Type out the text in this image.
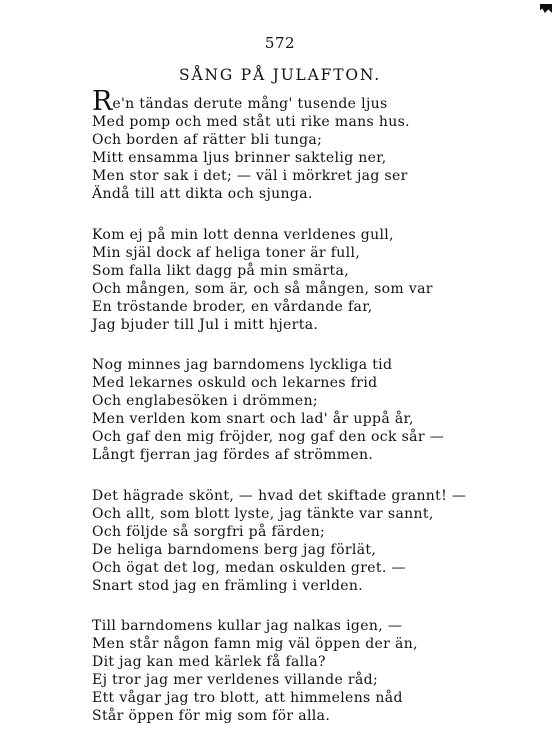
572
SÅNG PÅ JULAFTON.
Re'n tändas derute mång' tusende ljus
Med pomp och med ståt uti rike mans hus.
Och borden af rätter bli tunga;
Mitt ensamma ljus brinner saktelig ner,
Men stor sak i det; — väl i mörkret jag ser
Ändå till att dikta och sjunga.
Kom ej på min lott denna verldenes gull,
Min själ dock af heliga toner är full,
Som falla likt dagg på min smärta,
Och mången, som är, och så mången, som var
En tröstande broder, en vårdande far,
Jag bjuder till Jul i mitt hjerta.
Nog minnes jag barndomens lyckliga tid
Med lekarnes oskuld och lekarnes frid
Och englabesöken i drömmen;
Men verlden kom snart och lad' år uppå år,
Och gaf den mig fröjder, nog gaf den ock sår —
Långt fjerran jag fördes af strömmen.
Det hägrade skönt, — hvad det skiftade grannt! —
Och allt, som blott lyste, jag tänkte var sannt,
Och följde så sorgfri på färden;
De heliga barndomens berg jag förlät,
Och ögat det log, medan oskulden gret. —
Snart stod jag en främling i verlden.
Till barndomens kullar jag nalkas igen, —
Men står någon famn mig väl öppen der än,
Dit jag kan med kärlek få falla?
Ej tror jag mer verldenes villande råd;
Ett vågar jag tro blott, att himmelens nåd
Står öppen för mig som för alla.
